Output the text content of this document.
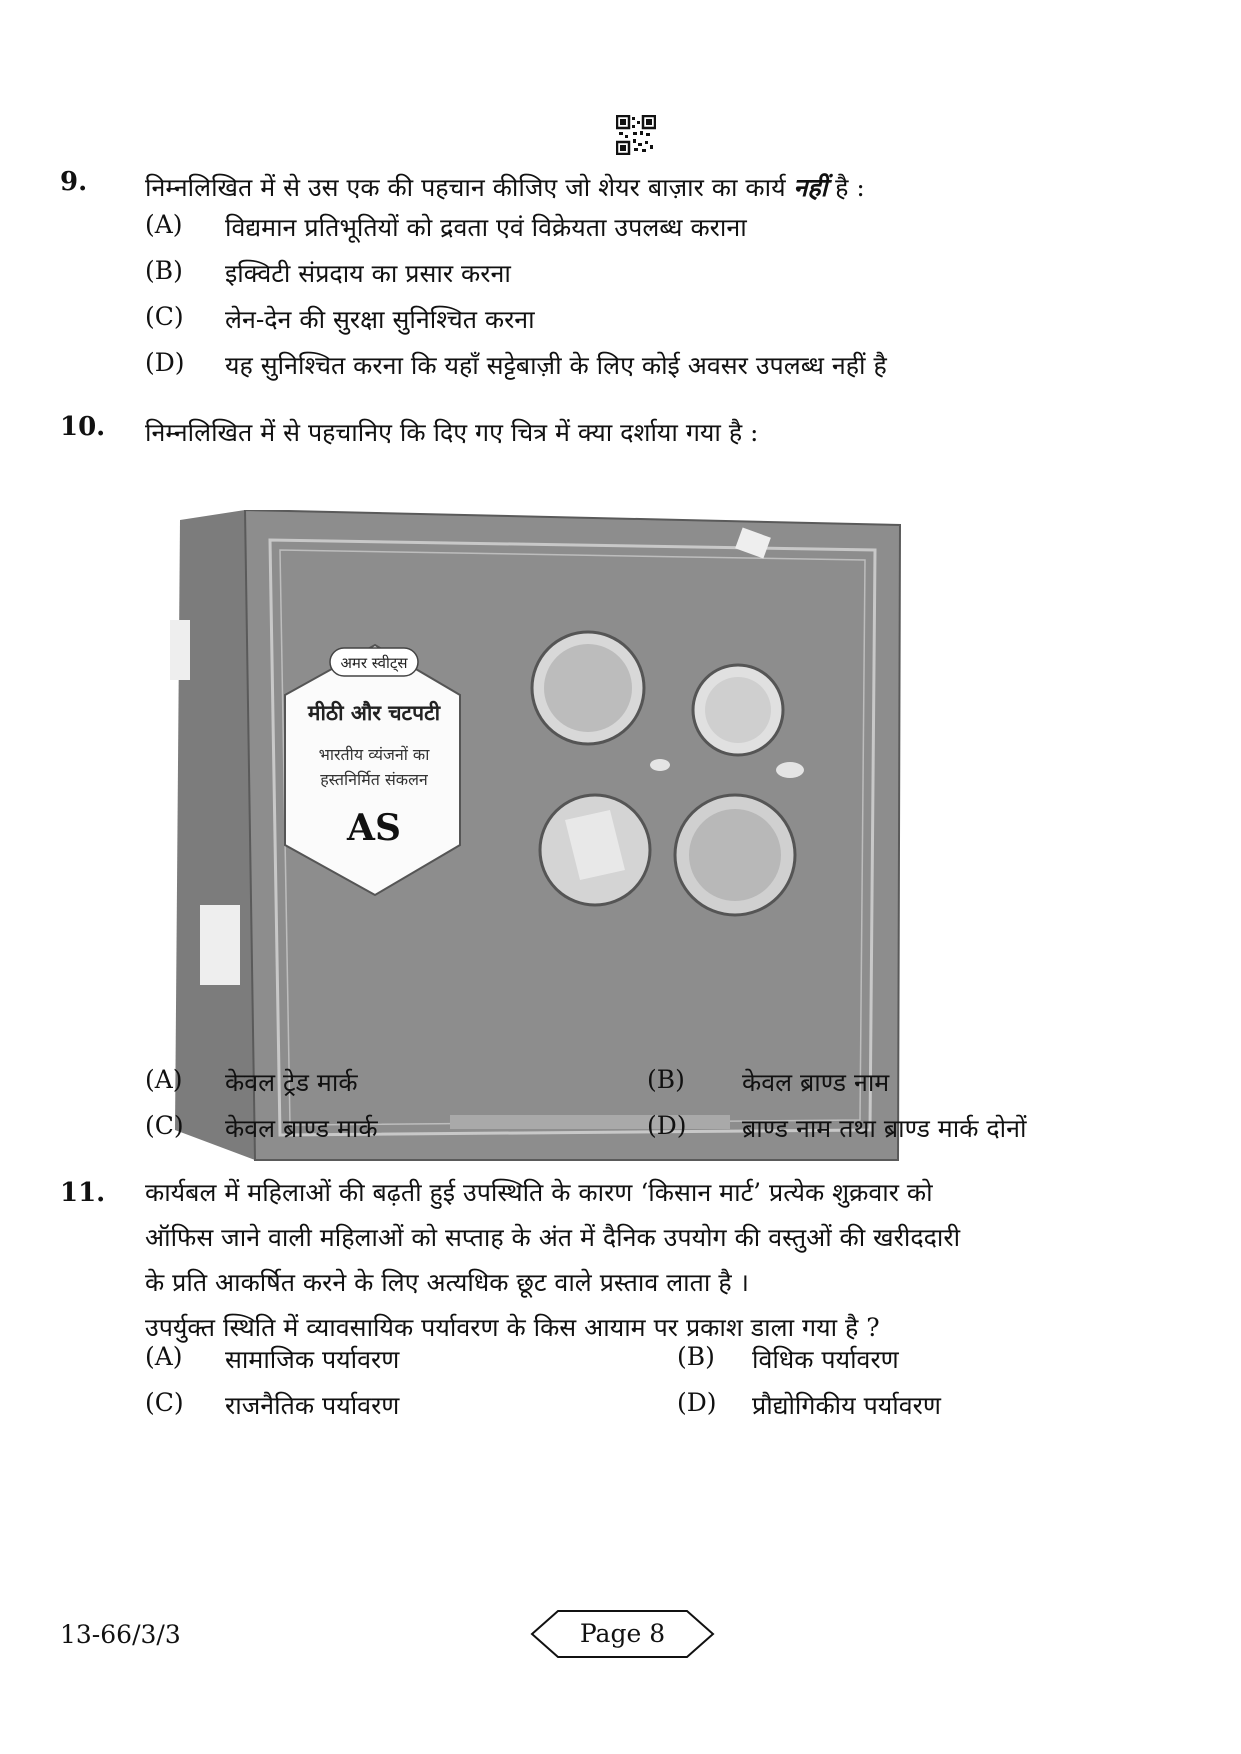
9. निम्नलिखित में से उस एक की पहचान कीजिए जो शेयर बाज़ार का कार्य नहीं है :
(A) विद्यमान प्रतिभूतियों को द्रवता एवं विक्रेयता उपलब्ध कराना
(B) इक्विटी संप्रदाय का प्रसार करना
(C) लेन-देन की सुरक्षा सुनिश्चित करना
(D) यह सुनिश्चित करना कि यहाँ सट्टेबाज़ी के लिए कोई अवसर उपलब्ध नहीं है
10. निम्नलिखित में से पहचानिए कि दिए गए चित्र में क्या दर्शाया गया है :
अमर स्वीट्स
मीठी और चटपटी
भारतीय व्यंजनों का
हस्तनिर्मित संकलन
AS
(A) केवल ट्रेड मार्क	(B) केवल ब्राण्ड नाम
(C) केवल ब्राण्ड मार्क	(D) ब्राण्ड नाम तथा ब्राण्ड मार्क दोनों
11. कार्यबल में महिलाओं की बढ़ती हुई उपस्थिति के कारण ‘किसान मार्ट’ प्रत्येक शुक्रवार को
ऑफिस जाने वाली महिलाओं को सप्ताह के अंत में दैनिक उपयोग की वस्तुओं की खरीददारी
के प्रति आकर्षित करने के लिए अत्यधिक छूट वाले प्रस्ताव लाता है ।
उपर्युक्त स्थिति में व्यावसायिक पर्यावरण के किस आयाम पर प्रकाश डाला गया है ?
(A) सामाजिक पर्यावरण	(B) विधिक पर्यावरण
(C) राजनैतिक पर्यावरण	(D) प्रौद्योगिकीय पर्यावरण
13-66/3/3	Page 8
